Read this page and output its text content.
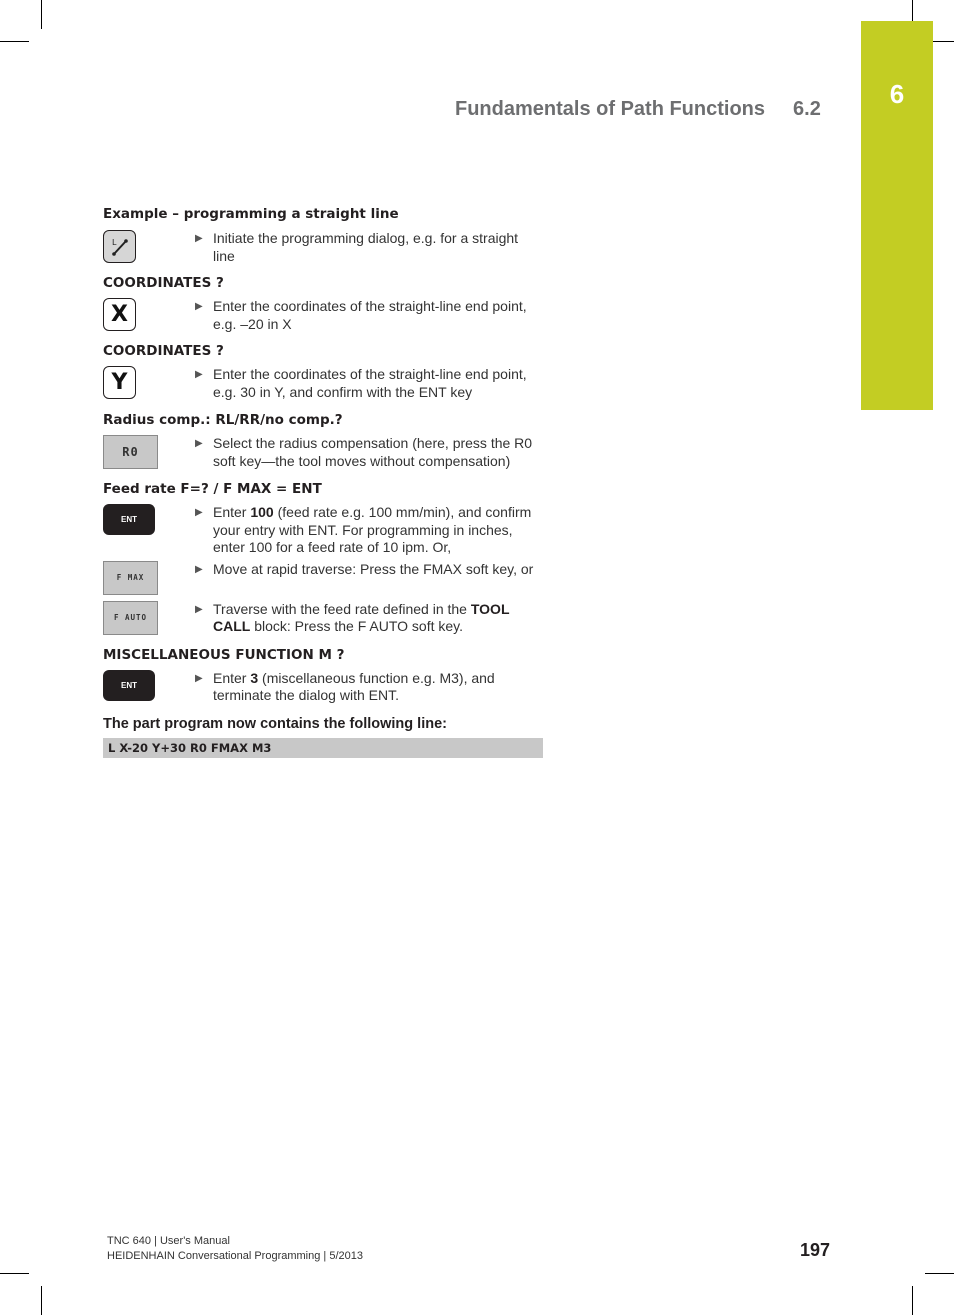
6
Fundamentals of Path Functions 6.2

Example – programming a straight line

L	▶ Initiate the programming dialog, e.g. for a straight line

COORDINATES ?

X	▶ Enter the coordinates of the straight-line end point, e.g. –20 in X

COORDINATES ?

Y	▶ Enter the coordinates of the straight-line end point, e.g. 30 in Y, and confirm with the ENT key

Radius comp.: RL/RR/no comp.?

R0
▶ Select the radius compensation (here, press the R0 soft key—the tool moves without compensation)

Feed rate F=? / F MAX = ENT

ENT
▶ Enter 100 (feed rate e.g. 100 mm/min), and confirm your entry with ENT. For programming in inches, enter 100 for a feed rate of 10 ipm. Or,
F MAX
▶ Move at rapid traverse: Press the FMAX soft key, or
F AUTO
▶ Traverse with the feed rate defined in the TOOL CALL block: Press the F AUTO soft key.

MISCELLANEOUS FUNCTION M ?

ENT
▶ Enter 3 (miscellaneous function e.g. M3), and terminate the dialog with ENT.

The part program now contains the following line:

L X-20 Y+30 R0 FMAX M3
TNC 640 | User's Manual
HEIDENHAIN Conversational Programming | 5/2013	197
